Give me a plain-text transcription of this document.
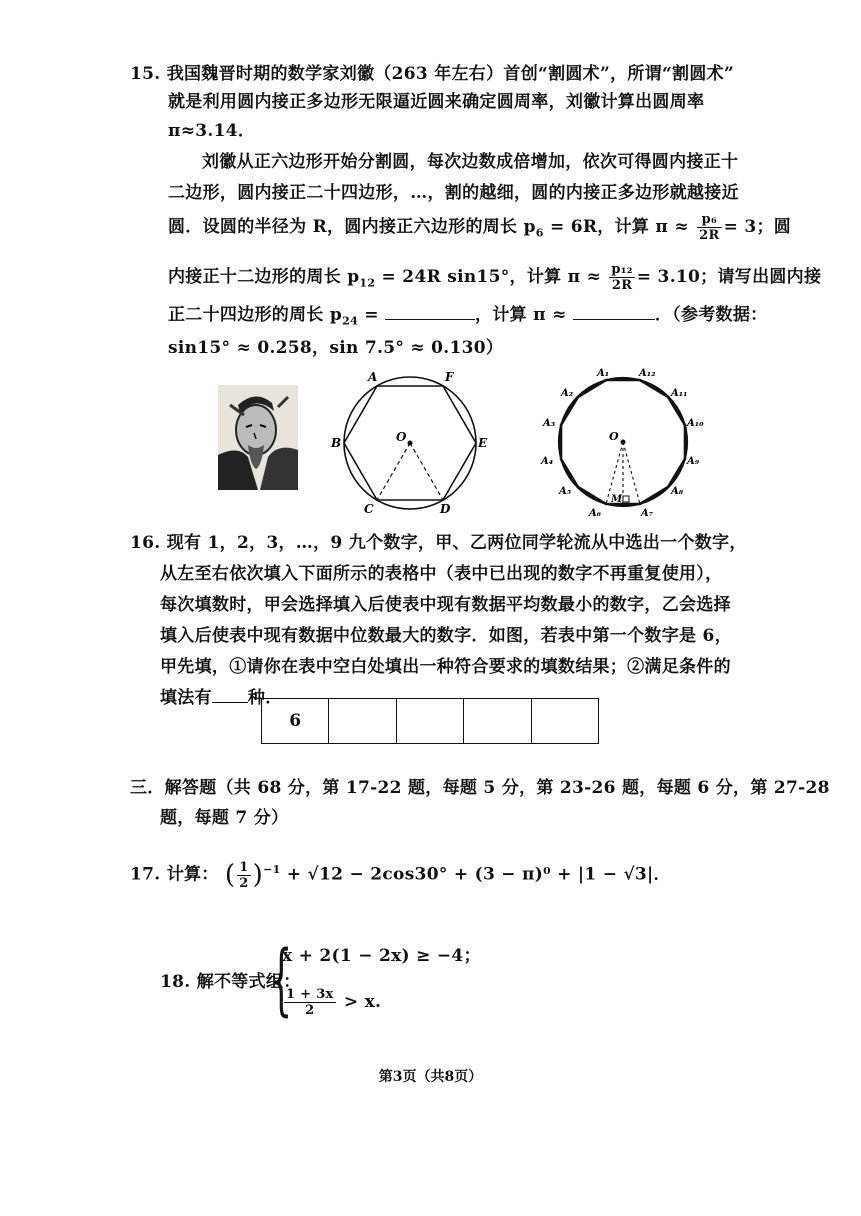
15. 我国魏晋时期的数学家刘徽（263 年左右）首创“割圆术”，所谓“割圆术”
就是利用圆内接正多边形无限逼近圆来确定圆周率，刘徽计算出圆周率
π≈3.14．
刘徽从正六边形开始分割圆，每次边数成倍增加，依次可得圆内接正十
二边形，圆内接正二十四边形，…，割的越细，圆的内接正多边形就越接近
圆．设圆的半径为 R，圆内接正六边形的周长 $p_6 = 6R$，计算 $\pi \approx \frac{\text{p₆}}{2R} = 3$；圆
内接正十二边形的周长 $p_{12} = 24R$ sin15°，计算 $\pi \approx \frac{\text{p₁₂}}{2R} = 3.10$；请写出圆内接
正二十四边形的周长 $p_{24}$ =	，计算 π ≈	．（参考数据：
sin15° ≈ 0.258，sin 7.5° ≈ 0.130）
A	F
B	E
C	D
O
A₁	A₁₂
A₂	A₁₁
A₃	A₁₀
A₄	A₉
A₅	A₈
A₆	A₇
O
M
16. 现有 1，2，3，…，9 九个数字，甲、乙两位同学轮流从中选出一个数字，
从左至右依次填入下面所示的表格中（表中已出现的数字不再重复使用），
每次填数时，甲会选择填入后使表中现有数据平均数最小的数字，乙会选择
填入后使表中现有数据中位数最大的数字．如图，若表中第一个数字是 6，
甲先填，①请你在表中空白处填出一种符合要求的填数结果；②满足条件的
填法有 种．
6
三．解答题（共 68 分，第 17-22 题，每题 5 分，第 23-26 题，每题 6 分，第 27-28
题，每题 7 分）
17. 计算： ( $\frac{1}{2} )^{-1} + √12 - 2\cos 30^\circ + (3 - \pi)^0 + |1 - √3|$．
18. 解不等式组：
{
x + 2(1 − 2x) ≥ −4；
$\frac{1 + 3x}{2} > x$.
第3页（共8页）
